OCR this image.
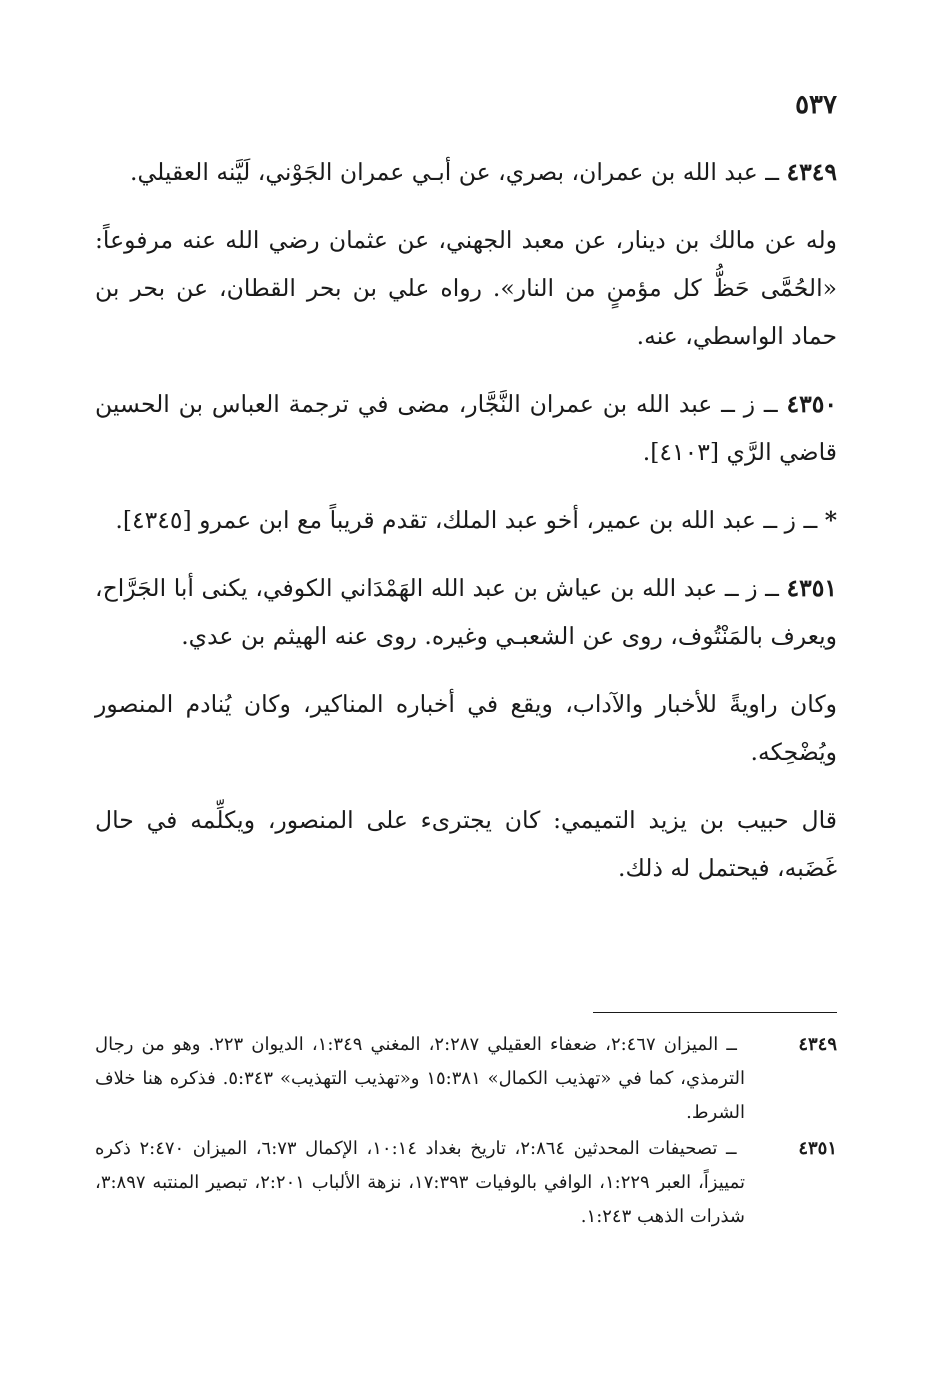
٥٣٧

٤٣٤٩ ــ عبد الله بن عمران، بصري، عن أبـي عمران الجَوْني، لَيَّنه العقيلي.

وله عن مالك بن دينار، عن معبد الجهني، عن عثمان رضي الله عنه مرفوعاً: «الحُمَّى حَظُّ كل مؤمنٍ من النار». رواه علي بن بحر القطان، عن بحر بن حماد الواسطي، عنه.

٤٣٥٠ ــ ز ــ عبد الله بن عمران النَّجَّار، مضى في ترجمة العباس بن الحسين قاضي الرَّي [٤١٠٣].

* ــ ز ــ عبد الله بن عمير، أخو عبد الملك، تقدم قريباً مع ابن عمرو [٤٣٤٥].

٤٣٥١ ــ ز ــ عبد الله بن عياش بن عبد الله الهَمْدَاني الكوفي، يكنى أبا الجَرَّاح، ويعرف بالمَنْتُوف، روى عن الشعبـي وغيره. روى عنه الهيثم بن عدي.

وكان راويةً للأخبار والآداب، ويقع في أخباره المناكير، وكان يُنادم المنصور ويُضْحِكه.

قال حبيب بن يزيد التميمي: كان يجترىء على المنصور، ويكلِّمه في حال غَضَبه، فيحتمل له ذلك.

٤٣٤٩ ــ الميزان ٢:٤٦٧، ضعفاء العقيلي ٢:٢٨٧، المغني ١:٣٤٩، الديوان ٢٢٣. وهو من رجال الترمذي، كما في «تهذيب الكمال» ١٥:٣٨١ و«تهذيب التهذيب» ٥:٣٤٣. فذكره هنا خلاف الشرط.

٤٣٥١ ــ تصحيفات المحدثين ٢:٨٦٤، تاريخ بغداد ١٠:١٤، الإكمال ٦:٧٣، الميزان ٢:٤٧٠ ذكره تمييزاً، العبر ١:٢٢٩، الوافي بالوفيات ١٧:٣٩٣، نزهة الألباب ٢:٢٠١، تبصير المنتبه ٣:٨٩٧، شذرات الذهب ١:٢٤٣.
